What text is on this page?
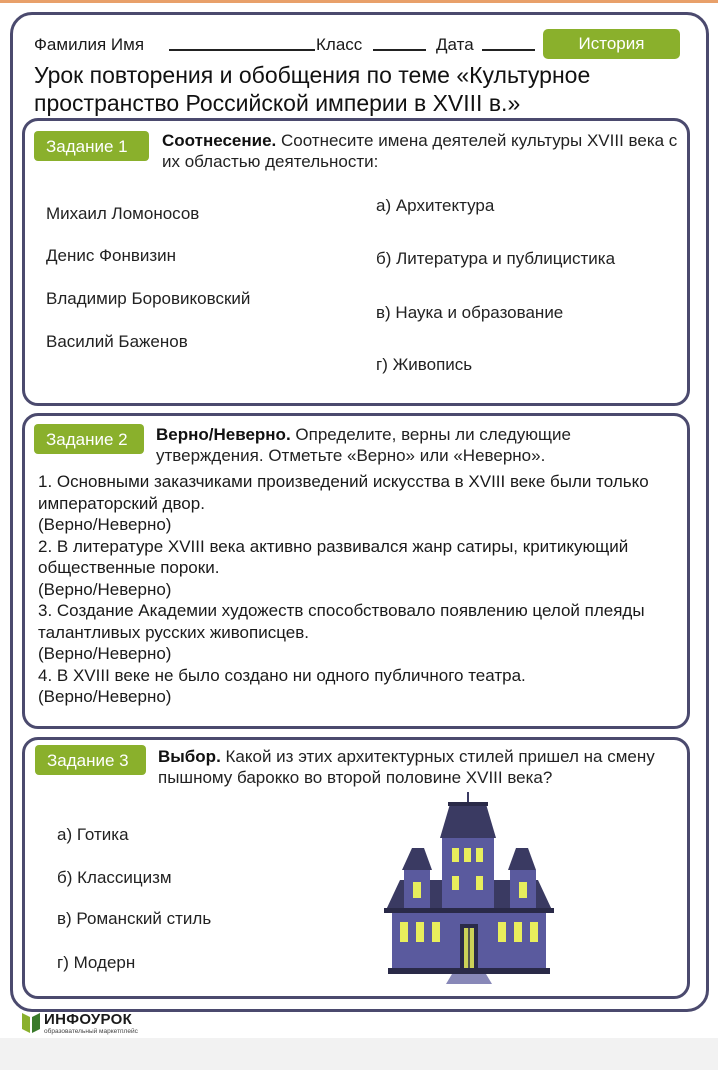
Фамилия Имя	Класс	Дата	История
Урок повторения и обобщения по теме «Культурное пространство Российской империи в XVIII в.»
Задание 1	Соотнесение. Соотнесите имена деятелей культуры XVIII века с их областью деятельности:
Михаил Ломоносов
Денис Фонвизин
Владимир Боровиковский
Василий Баженов
а) Архитектура
б) Литература и публицистика
в) Наука и образование
г) Живопись
Задание 2	Верно/Неверно. Определите, верны ли следующие утверждения. Отметьте «Верно» или «Неверно».
1. Основными заказчиками произведений искусства в XVIII веке были только императорский двор.
(Верно/Неверно)
2. В литературе XVIII века активно развивался жанр сатиры, критикующий общественные пороки.
(Верно/Неверно)
3. Создание Академии художеств способствовало появлению целой плеяды талантливых русских живописцев.
(Верно/Неверно)
4. В XVIII веке не было создано ни одного публичного театра.
(Верно/Неверно)
Задание 3	Выбор. Какой из этих архитектурных стилей пришел на смену пышному барокко во второй половине XVIII века?
а) Готика
б) Классицизм
в) Романский стиль
г) Модерн
ИНФОУРОК
образовательный маркетплейс
